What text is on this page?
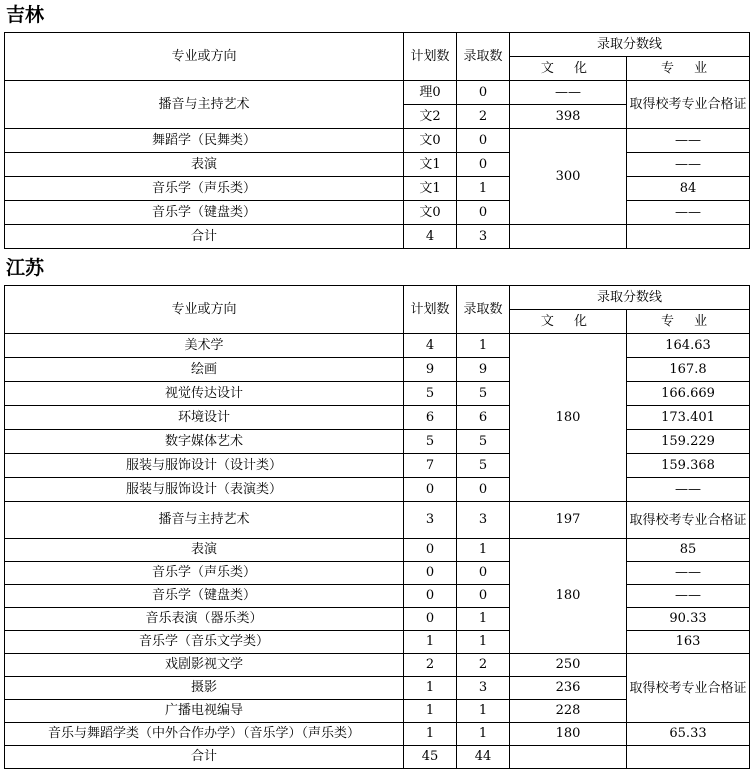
吉林
专业或方向	计划数	录取数	录取分数线	
			文 化	专 业
播音与主持艺术	理0	0	——	取得校考专业合格证
	文2	2	398	
舞蹈学（民舞类）	文0	0	300	——
表演	文1	0		——
音乐学（声乐类）	文1	1		84
音乐学（键盘类）	文0	0		——
合计	4	3		
江苏
专业或方向	计划数	录取数	录取分数线	
			文 化	专 业
美术学	4	1	180	164.63
绘画	9	9		167.8
视觉传达设计	5	5		166.669
环境设计	6	6		173.401
数字媒体艺术	5	5		159.229
服装与服饰设计（设计类）	7	5		159.368
服装与服饰设计（表演类）	0	0		——
播音与主持艺术	3	3	197	取得校考专业合格证
表演	0	1	180	85
音乐学（声乐类）	0	0		——
音乐学（键盘类）	0	0		——
音乐表演（器乐类）	0	1		90.33
音乐学（音乐文学类）	1	1		163
戏剧影视文学	2	2	250	取得校考专业合格证
摄影	1	3	236	
广播电视编导	1	1	228	
音乐与舞蹈学类（中外合作办学）（音乐学）（声乐类）	1	1	180	65.33
合计	45	44		
